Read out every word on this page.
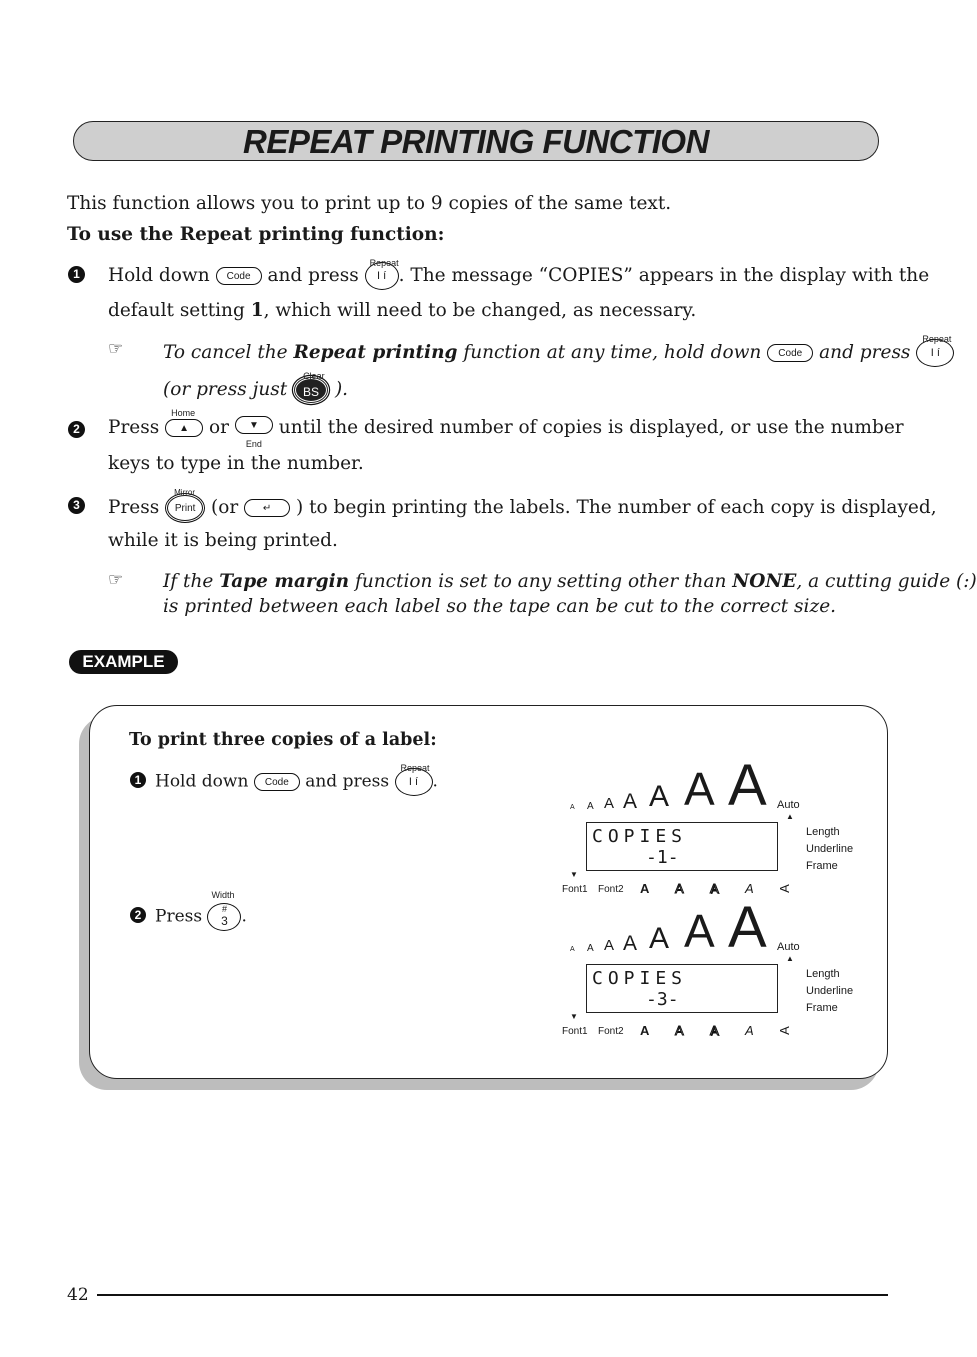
REPEAT PRINTING FUNCTION
This function allows you to print up to 9 copies of the same text.
To use the Repeat printing function:
1 Hold down Code and press
Repeat
I í . The message “COPIES” appears in the display with the
default setting 1, which will need to be changed, as necessary.
☞ To cancel the Repeat printing function at any time, hold down Code and press
Repeat
I í
(or press just
Clear
BS ).
2 Press
Home
▲ or ▼
End
until the desired number of copies is displayed, or use the number
keys to type in the number.
3 Press
Mirror
Print (or ↵ ) to begin printing the labels. The number of each copy is displayed,
while it is being printed.
☞ If the Tape margin function is set to any setting other than NONE, a cutting guide (:)
is printed between each label so the tape can be cut to the correct size.
EXAMPLE
To print three copies of a label:
1 Hold down Code and press
Repeat
I í .
2 Press
Width
#
3 .
A A A A A A A Auto
▲
COPIES
-1-
▼
Length
Underline
Frame
Font1 Font2 A A A A A
A A A A A A A Auto
▲
COPIES
-3-
▼
Length
Underline
Frame
Font1 Font2 A A A A A
42
